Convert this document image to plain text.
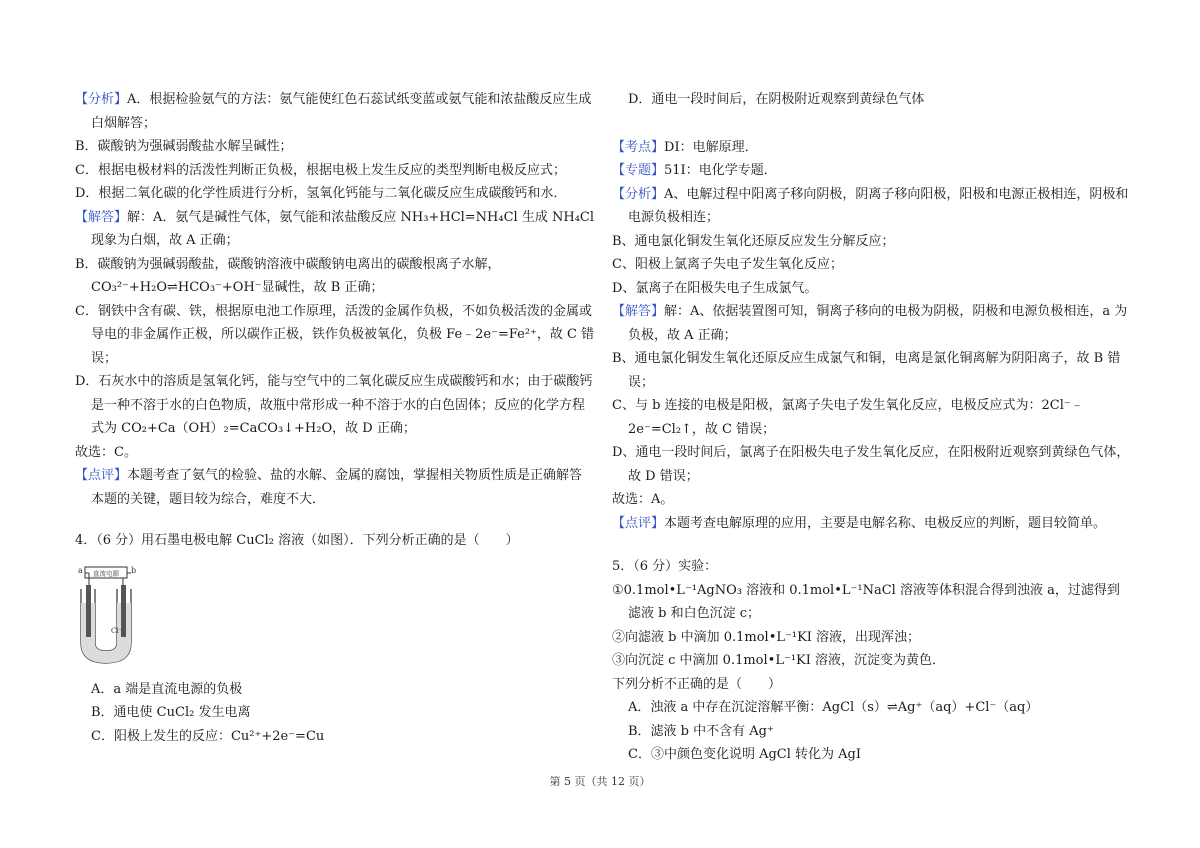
【分析】A．根据检验氨气的方法：氨气能使红色石蕊试纸变蓝或氨气能和浓盐酸反应生成白烟解答；

B．碳酸钠为强碱弱酸盐水解呈碱性；

C．根据电极材料的活泼性判断正负极，根据电极上发生反应的类型判断电极反应式；

D．根据二氧化碳的化学性质进行分析，氢氧化钙能与二氧化碳反应生成碳酸钙和水．

【解答】解：A．氨气是碱性气体，氨气能和浓盐酸反应 NH₃+HCl=NH₄Cl 生成 NH₄Cl 现象为白烟，故 A 正确；

B．碳酸钠为强碱弱酸盐，碳酸钠溶液中碳酸钠电离出的碳酸根离子水解，CO₃²⁻+H₂O⇌HCO₃⁻+OH⁻显碱性，故 B 正确；

C．钢铁中含有碳、铁，根据原电池工作原理，活泼的金属作负极，不如负极活泼的金属或导电的非金属作正极，所以碳作正极，铁作负极被氧化，负极 Fe﹣2e⁻=Fe²⁺，故 C 错误；

D．石灰水中的溶质是氢氧化钙，能与空气中的二氧化碳反应生成碳酸钙和水；由于碳酸钙是一种不溶于水的白色物质，故瓶中常形成一种不溶于水的白色固体；反应的化学方程式为 CO₂+Ca（OH）₂=CaCO₃↓+H₂O，故 D 正确；

故选：C。

【点评】本题考查了氨气的检验、盐的水解、金属的腐蚀，掌握相关物质性质是正确解答本题的关键，题目较为综合，难度不大．

4．（6 分）用石墨电极电解 CuCl₂ 溶液（如图）．下列分析正确的是（　　）

直流电源
a	b
Cl⁻

A．a 端是直流电源的负极

B．通电使 CuCl₂ 发生电离

C．阳极上发生的反应：Cu²⁺+2e⁻=Cu

D．通电一段时间后，在阴极附近观察到黄绿色气体

【考点】DI：电解原理．

【专题】51I：电化学专题．

【分析】A、电解过程中阳离子移向阴极，阴离子移向阳极，阳极和电源正极相连，阴极和电源负极相连；

B、通电氯化铜发生氧化还原反应发生分解反应；

C、阳极上氯离子失电子发生氧化反应；

D、氯离子在阳极失电子生成氯气。

【解答】解：A、依据装置图可知，铜离子移向的电极为阴极，阴极和电源负极相连，a 为负极，故 A 正确；

B、通电氯化铜发生氧化还原反应生成氯气和铜，电离是氯化铜离解为阴阳离子，故 B 错误；

C、与 b 连接的电极是阳极，氯离子失电子发生氧化反应，电极反应式为：2Cl⁻﹣2e⁻=Cl₂↑，故 C 错误；

D、通电一段时间后，氯离子在阳极失电子发生氧化反应，在阳极附近观察到黄绿色气体，故 D 错误；

故选：A。

【点评】本题考查电解原理的应用，主要是电解名称、电极反应的判断，题目较简单。

5．（6 分）实验：

①0.1mol•L⁻¹AgNO₃ 溶液和 0.1mol•L⁻¹NaCl 溶液等体积混合得到浊液 a，过滤得到滤液 b 和白色沉淀 c；

②向滤液 b 中滴加 0.1mol•L⁻¹KI 溶液，出现浑浊；

③向沉淀 c 中滴加 0.1mol•L⁻¹KI 溶液，沉淀变为黄色．

下列分析不正确的是（　　）

A．浊液 a 中存在沉淀溶解平衡：AgCl（s）⇌Ag⁺（aq）+Cl⁻（aq）

B．滤液 b 中不含有 Ag⁺

C．③中颜色变化说明 AgCl 转化为 AgI

第 5 页（共 12 页）
